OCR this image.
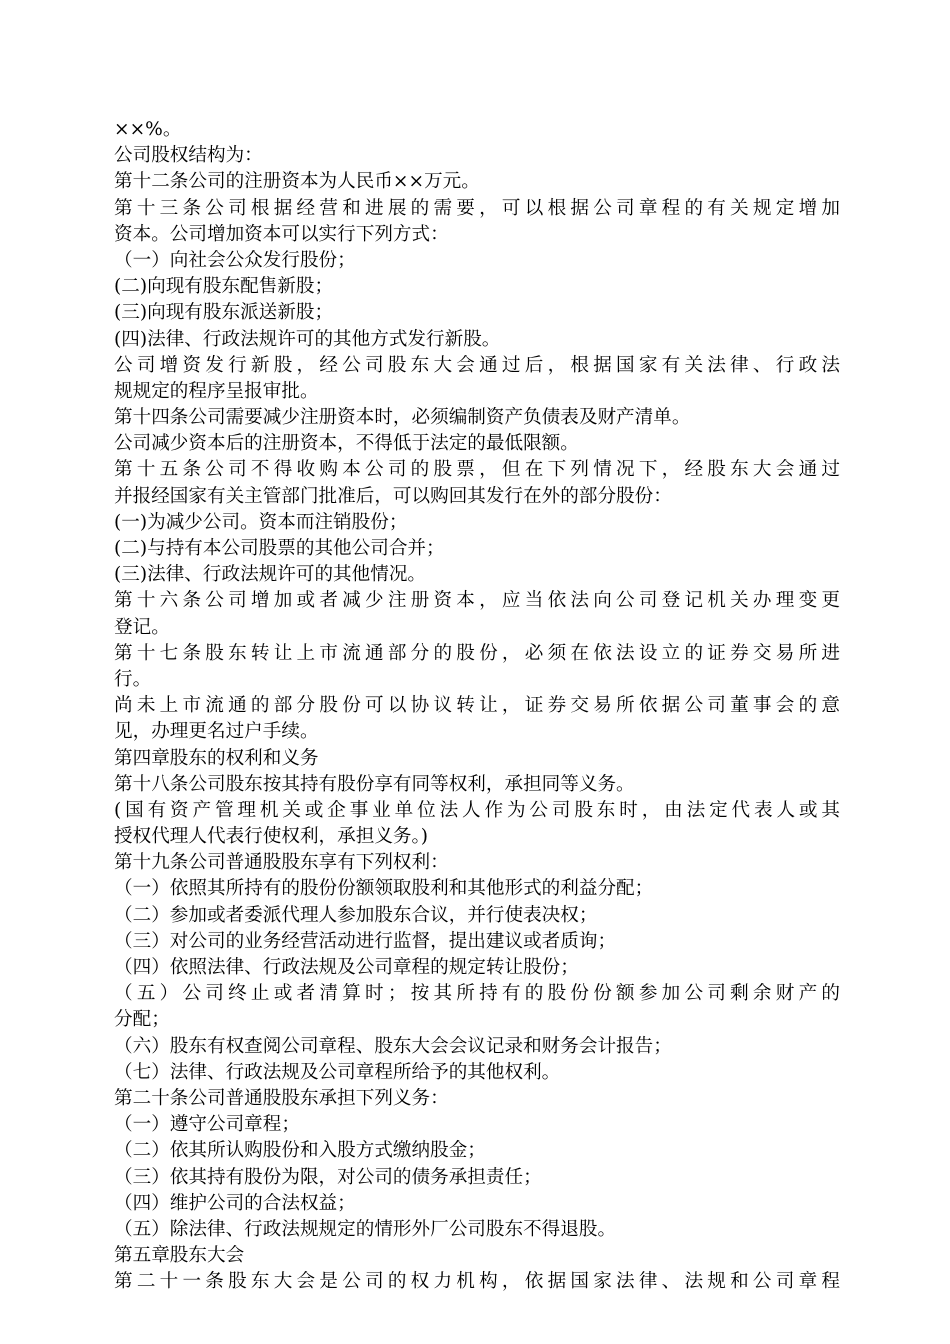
××%。

公司股权结构为：

第十二条公司的注册资本为人民币××万元。

第十三条公司根据经营和进展的需要，可以根据公司章程的有关规定增加

资本。公司增加资本可以实行下列方式：

（一）向社会公众发行股份；

(二)向现有股东配售新股；

(三)向现有股东派送新股；

(四)法律、行政法规许可的其他方式发行新股。

公司增资发行新股，经公司股东大会通过后，根据国家有关法律、行政法

规规定的程序呈报审批。

第十四条公司需要减少注册资本时，必须编制资产负债表及财产清单。

公司减少资本后的注册资本，不得低于法定的最低限额。

第十五条公司不得收购本公司的股票，但在下列情况下，经股东大会通过

并报经国家有关主管部门批准后，可以购回其发行在外的部分股份：

(一)为减少公司。资本而注销股份；

(二)与持有本公司股票的其他公司合并；

(三)法律、行政法规许可的其他情况。

第十六条公司增加或者减少注册资本，应当依法向公司登记机关办理变更

登记。

第十七条股东转让上市流通部分的股份，必须在依法设立的证券交易所进

行。

尚未上市流通的部分股份可以协议转让，证券交易所依据公司董事会的意

见，办理更名过户手续。

第四章股东的权利和义务

第十八条公司股东按其持有股份享有同等权利，承担同等义务。

(国有资产管理机关或企事业单位法人作为公司股东时，由法定代表人或其

授权代理人代表行使权利，承担义务。)

第十九条公司普通股股东享有下列权利：

（一）依照其所持有的股份份额领取股利和其他形式的利益分配；

（二）参加或者委派代理人参加股东合议，并行使表决权；

（三）对公司的业务经营活动进行监督，提出建议或者质询；

（四）依照法律、行政法规及公司章程的规定转让股份；

（五）公司终止或者清算时；按其所持有的股份份额参加公司剩余财产的

分配；

（六）股东有权查阅公司章程、股东大会会议记录和财务会计报告；

（七）法律、行政法规及公司章程所给予的其他权利。

第二十条公司普通股股东承担下列义务：

（一）遵守公司章程；

（二）依其所认购股份和入股方式缴纳股金；

（三）依其持有股份为限，对公司的债务承担责任；

（四）维护公司的合法权益；

（五）除法律、行政法规规定的情形外厂公司股东不得退股。

第五章股东大会

第二十一条股东大会是公司的权力机构，依据国家法律、法规和公司章程
